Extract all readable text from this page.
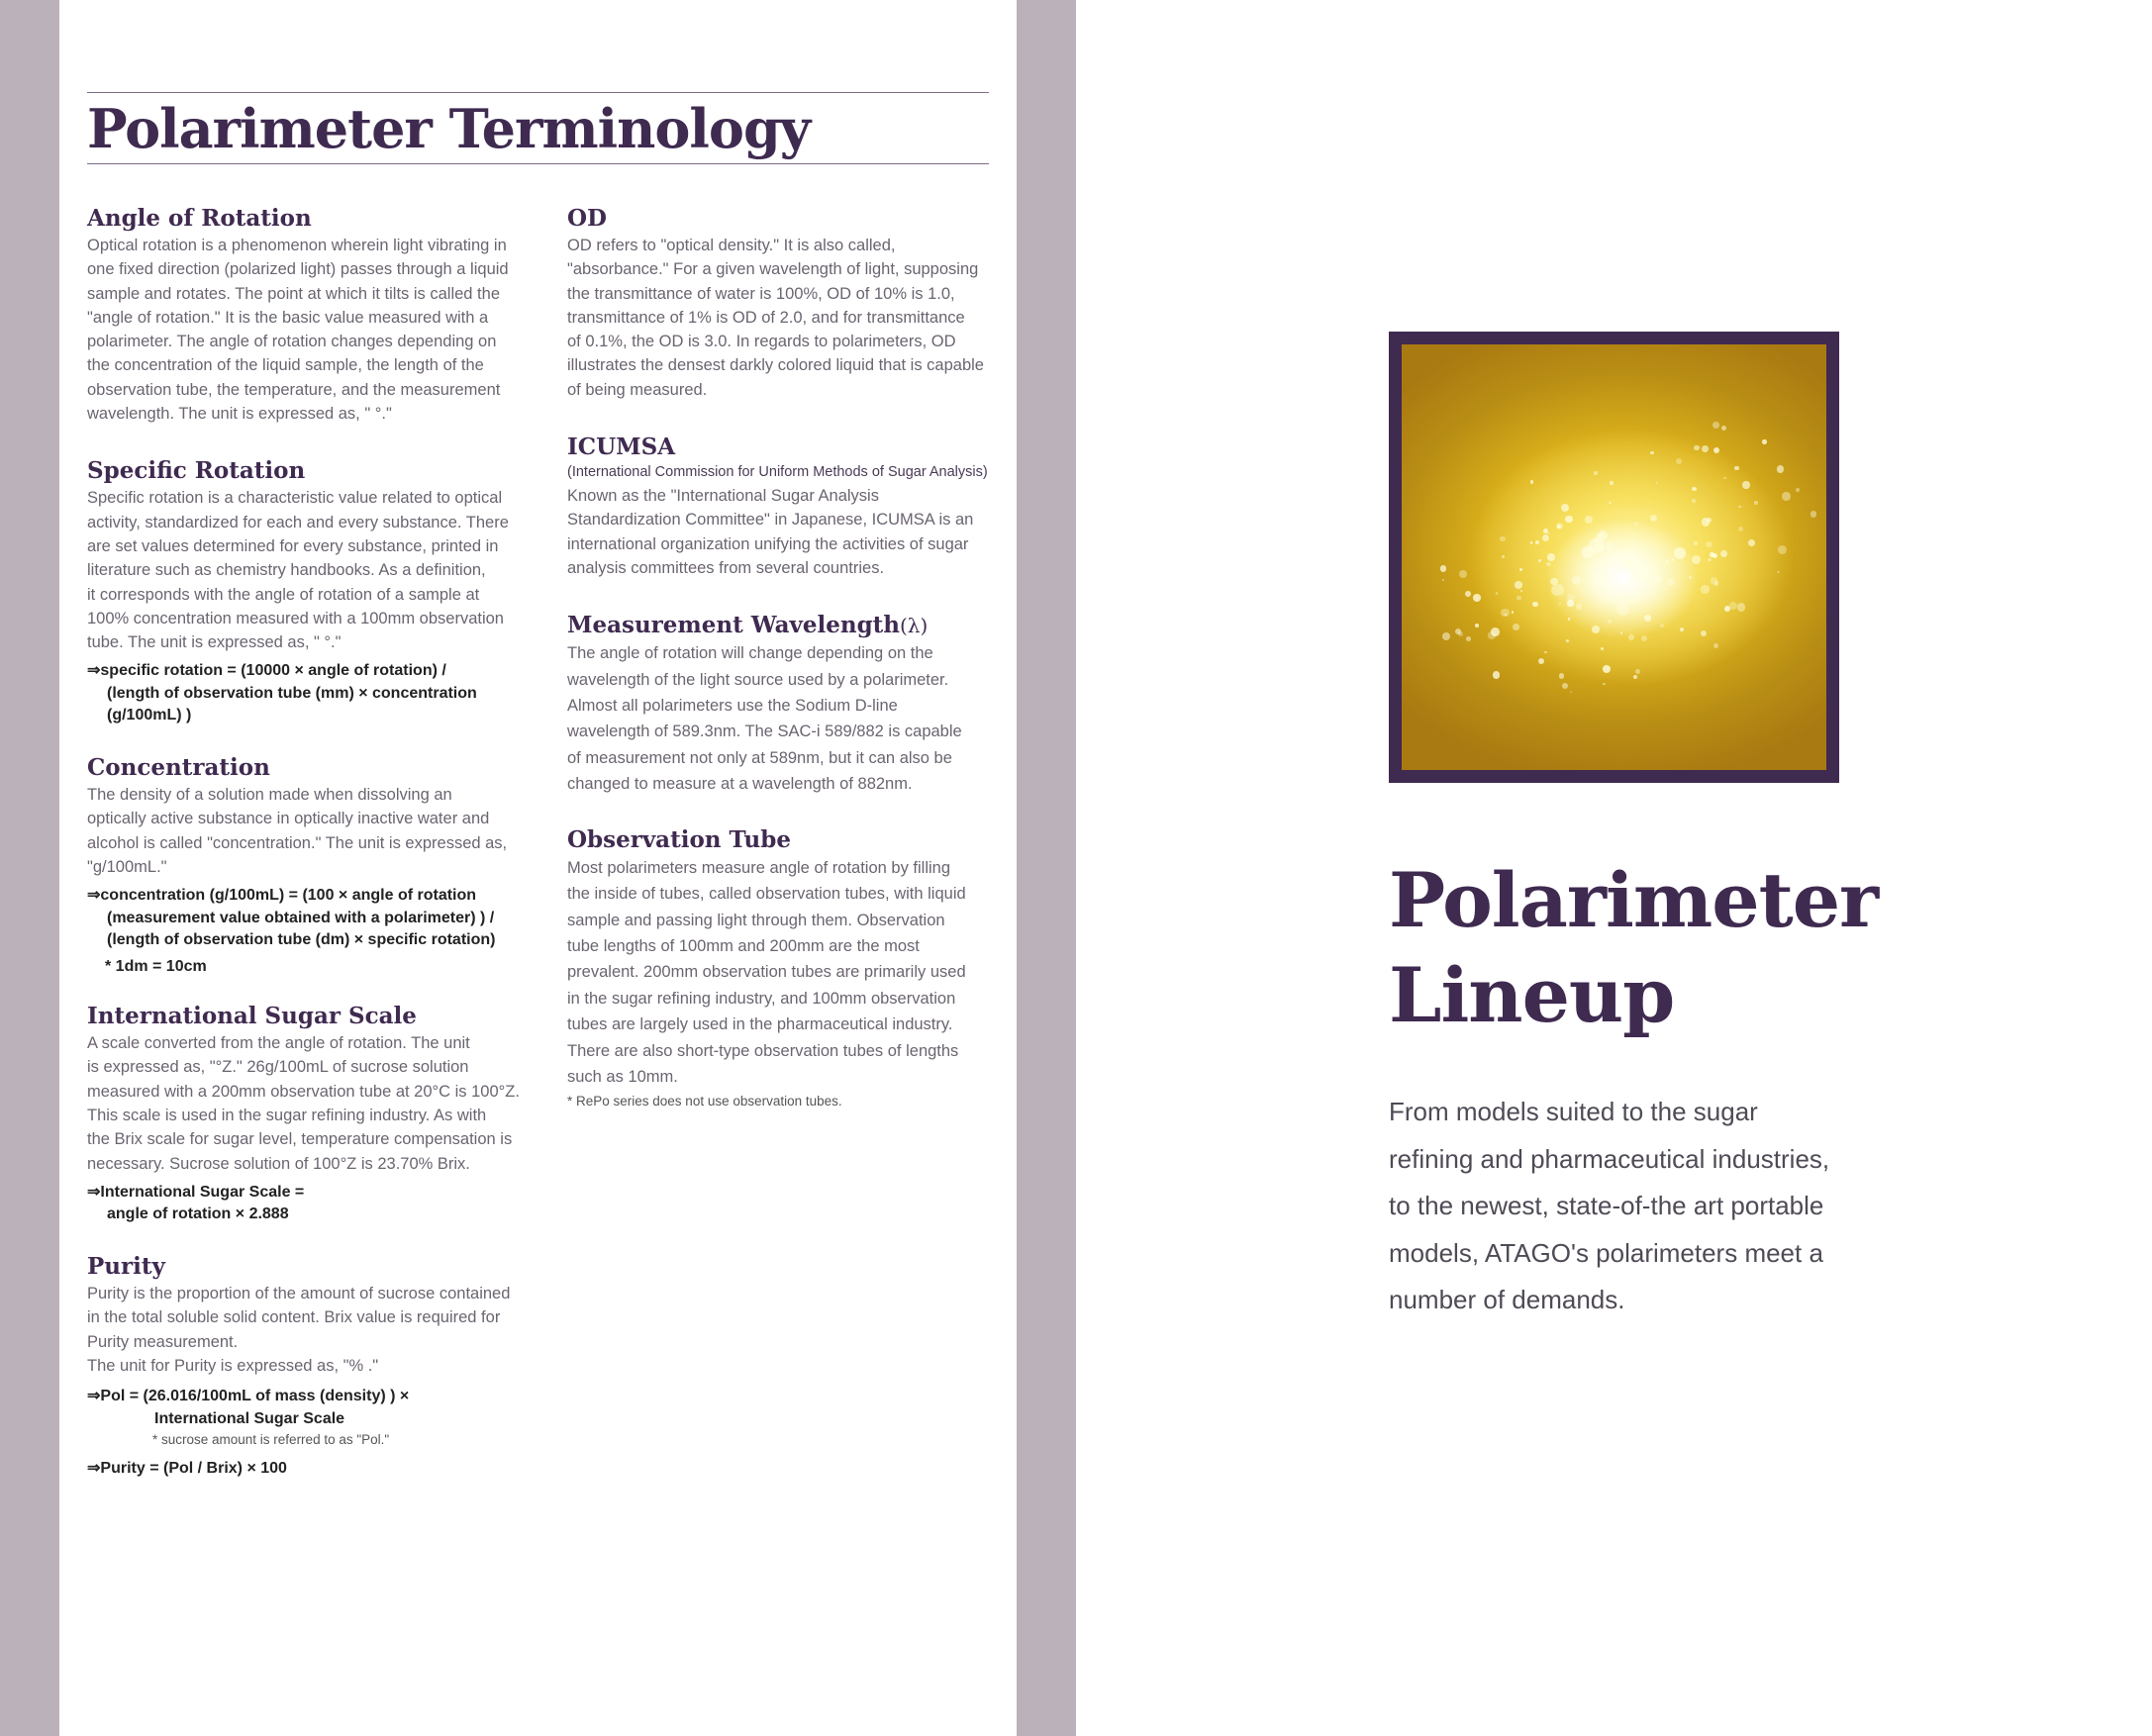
Polarimeter Terminology
Angle of Rotation

Optical rotation is a phenomenon wherein light vibrating in
one fixed direction (polarized light) passes through a liquid
sample and rotates. The point at which it tilts is called the
"angle of rotation." It is the basic value measured with a
polarimeter. The angle of rotation changes depending on
the concentration of the liquid sample, the length of the
observation tube, the temperature, and the measurement
wavelength. The unit is expressed as, " °."

Specific Rotation

Specific rotation is a characteristic value related to optical
activity, standardized for each and every substance. There
are set values determined for every substance, printed in
literature such as chemistry handbooks. As a definition,
it corresponds with the angle of rotation of a sample at
100% concentration measured with a 100mm observation
tube. The unit is expressed as, " °."

⇒specific rotation = (10000 × angle of rotation) /
(length of observation tube (mm) × concentration
(g/100mL) )

Concentration

The density of a solution made when dissolving an
optically active substance in optically inactive water and
alcohol is called "concentration." The unit is expressed as,
"g/100mL."

⇒concentration (g/100mL) = (100 × angle of rotation
(measurement value obtained with a polarimeter) ) /
(length of observation tube (dm) × specific rotation)

* 1dm = 10cm

International Sugar Scale

A scale converted from the angle of rotation. The unit
is expressed as, "°Z." 26g/100mL of sucrose solution
measured with a 200mm observation tube at 20°C is 100°Z.
This scale is used in the sugar refining industry. As with
the Brix scale for sugar level, temperature compensation is
necessary. Sucrose solution of 100°Z is 23.70% Brix.

⇒International Sugar Scale =
angle of rotation × 2.888

Purity

Purity is the proportion of the amount of sucrose contained
in the total soluble solid content. Brix value is required for
Purity measurement.
The unit for Purity is expressed as, "% ."

⇒Pol = (26.016/100mL of mass (density) ) ×

International Sugar Scale

* sucrose amount is referred to as "Pol."

⇒Purity = (Pol / Brix) × 100

OD

OD refers to "optical density." It is also called,
"absorbance." For a given wavelength of light, supposing
the transmittance of water is 100%, OD of 10% is 1.0,
transmittance of 1% is OD of 2.0, and for transmittance
of 0.1%, the OD is 3.0. In regards to polarimeters, OD
illustrates the densest darkly colored liquid that is capable
of being measured.

ICUMSA

(International Commission for Uniform Methods of Sugar Analysis)

Known as the "International Sugar Analysis
Standardization Committee" in Japanese, ICUMSA is an
international organization unifying the activities of sugar
analysis committees from several countries.

Measurement Wavelength(λ)

The angle of rotation will change depending on the
wavelength of the light source used by a polarimeter.
Almost all polarimeters use the Sodium D-line
wavelength of 589.3nm. The SAC-i 589/882 is capable
of measurement not only at 589nm, but it can also be
changed to measure at a wavelength of 882nm.

Observation Tube

Most polarimeters measure angle of rotation by filling
the inside of tubes, called observation tubes, with liquid
sample and passing light through them. Observation
tube lengths of 100mm and 200mm are the most
prevalent. 200mm observation tubes are primarily used
in the sugar refining industry, and 100mm observation
tubes are largely used in the pharmaceutical industry.
There are also short-type observation tubes of lengths
such as 10mm.

* RePo series does not use observation tubes.

Polarimeter
Lineup

From models suited to the sugar
refining and pharmaceutical industries,
to the newest, state-of-the art portable
models, ATAGO's polarimeters meet a
number of demands.
